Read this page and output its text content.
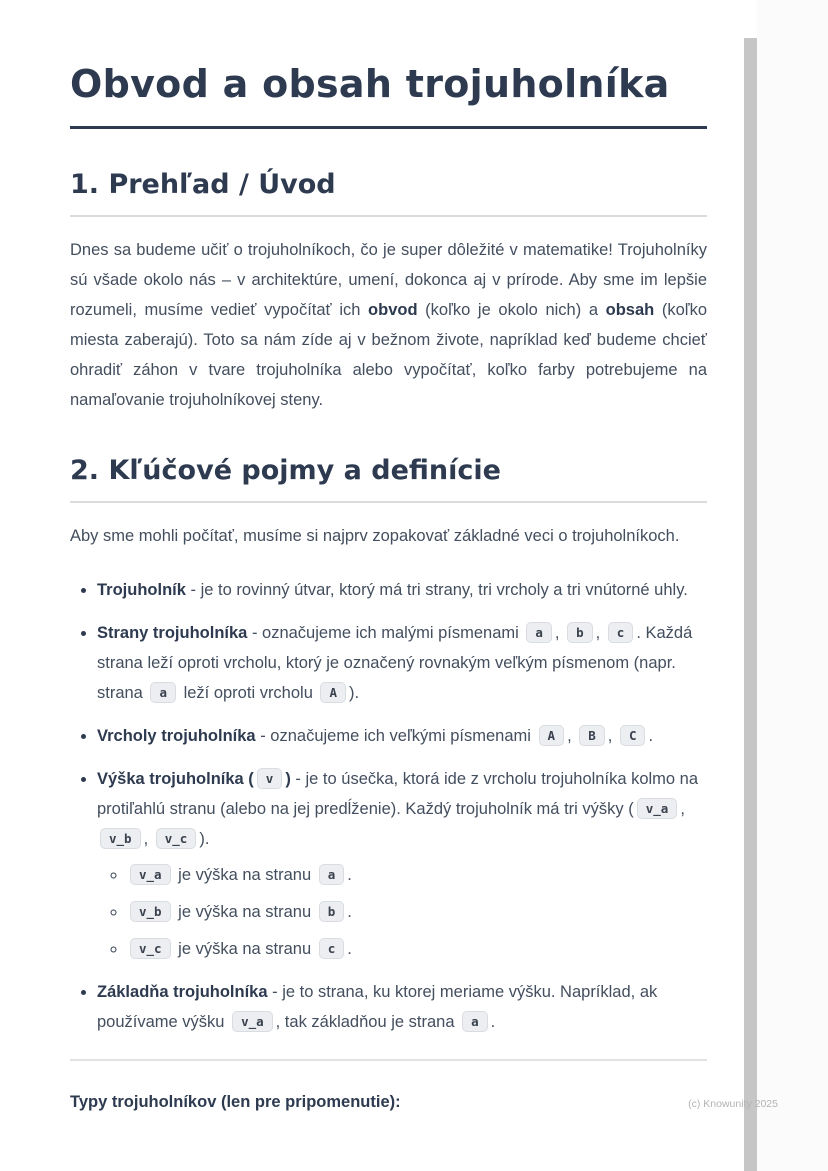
Obvod a obsah trojuholníka
1. Prehľad / Úvod

Dnes sa budeme učiť o trojuholníkoch, čo je super dôležité v matematike! Trojuholníky sú všade okolo nás – v architektúre, umení, dokonca aj v prírode. Aby sme im lepšie rozumeli, musíme vedieť vypočítať ich obvod (koľko je okolo nich) a obsah (koľko miesta zaberajú). Toto sa nám zíde aj v bežnom živote, napríklad keď budeme chcieť ohradiť záhon v tvare trojuholníka alebo vypočítať, koľko farby potrebujeme na namaľovanie trojuholníkovej steny.

2. Kľúčové pojmy a definície

Aby sme mohli počítať, musíme si najprv zopakovať základné veci o trojuholníkoch.

• Trojuholník - je to rovinný útvar, ktorý má tri strany, tri vrcholy a tri vnútorné uhly.
• Strany trojuholníka - označujeme ich malými písmenami a , b , c . Každá strana leží oproti vrcholu, ktorý je označený rovnakým veľkým písmenom (napr. strana a leží oproti vrcholu A ).
• Vrcholy trojuholníka - označujeme ich veľkými písmenami A , B , C .
• Výška trojuholníka ( v ) - je to úsečka, ktorá ide z vrcholu trojuholníka kolmo na protiľahlú stranu (alebo na jej predĺženie). Každý trojuholník má tri výšky ( v_a , v_b , v_c ).
◦ v_a je výška na stranu a .
◦ v_b je výška na stranu b .
◦ v_c je výška na stranu c .
• Základňa trojuholníka - je to strana, ku ktorej meriame výšku. Napríklad, ak používame výšku v_a , tak základňou je strana a .

Typy trojuholníkov (len pre pripomenutie):	(c) Knowunity 2025
